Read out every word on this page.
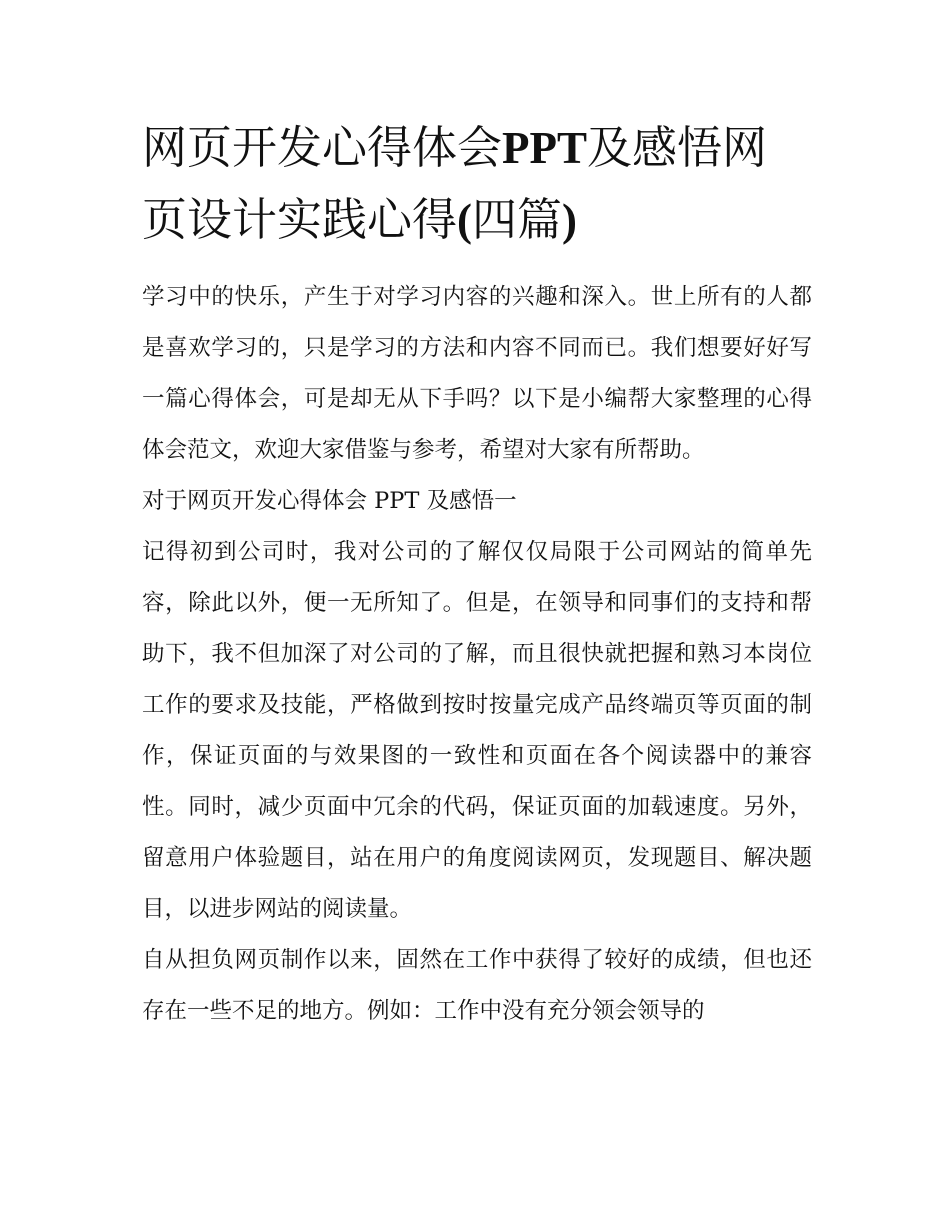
网页开发心得体会PPT及感悟网页设计实践心得(四篇)

学习中的快乐，产生于对学习内容的兴趣和深入。世上所有的人都是喜欢学习的，只是学习的方法和内容不同而已。我们想要好好写一篇心得体会，可是却无从下手吗？以下是小编帮大家整理的心得体会范文，欢迎大家借鉴与参考，希望对大家有所帮助。

对于网页开发心得体会 PPT 及感悟一

记得初到公司时，我对公司的了解仅仅局限于公司网站的简单先容，除此以外，便一无所知了。但是，在领导和同事们的支持和帮助下，我不但加深了对公司的了解，而且很快就把握和熟习本岗位工作的要求及技能，严格做到按时按量完成产品终端页等页面的制作，保证页面的与效果图的一致性和页面在各个阅读器中的兼容性。同时，减少页面中冗余的代码，保证页面的加载速度。另外，留意用户体验题目，站在用户的角度阅读网页，发现题目、解决题目，以进步网站的阅读量。

自从担负网页制作以来，固然在工作中获得了较好的成绩，但也还存在一些不足的地方。例如：工作中没有充分领会领导的
